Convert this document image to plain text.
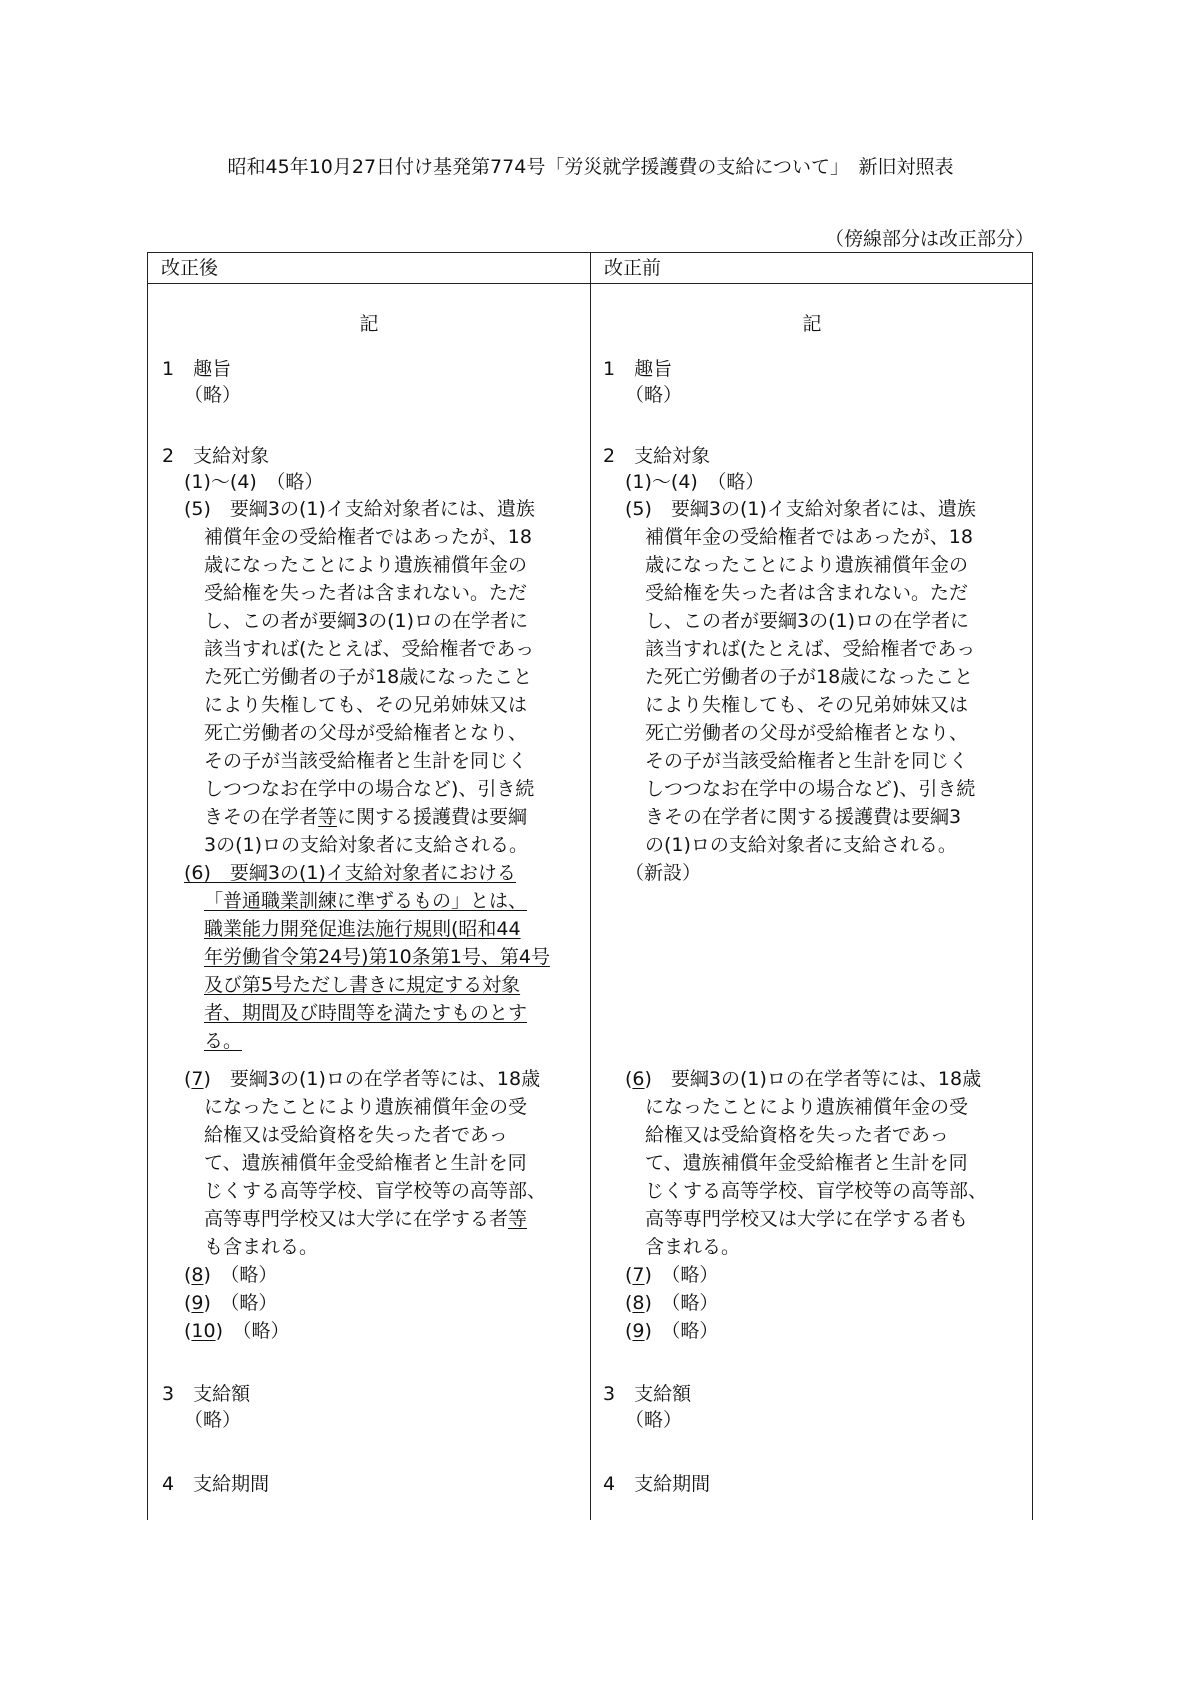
昭和45年10月27日付け基発第774号「労災就学援護費の支給について」　新旧対照表
（傍線部分は改正部分）
改正後
記
1　趣旨
（略）
2　支給対象
(1)～(4)　（略）
(5)　要綱3の(1)イ支給対象者には、遺族
補償年金の受給権者ではあったが、18
歳になったことにより遺族補償年金の
受給権を失った者は含まれない。ただ
し、この者が要綱3の(1)ロの在学者に
該当すれば(たとえば、受給権者であっ
た死亡労働者の子が18歳になったこと
により失権しても、その兄弟姉妹又は
死亡労働者の父母が受給権者となり、
その子が当該受給権者と生計を同じく
しつつなお在学中の場合など)、引き続
きその在学者等に関する援護費は要綱
3の(1)ロの支給対象者に支給される。
(6)　要綱3の(1)イ支給対象者における
「普通職業訓練に準ずるもの」とは、
職業能力開発促進法施行規則(昭和44
年労働省令第24号)第10条第1号、第4号
及び第5号ただし書きに規定する対象
者、期間及び時間等を満たすものとす
る。
(7)　要綱3の(1)ロの在学者等には、18歳
になったことにより遺族補償年金の受
給権又は受給資格を失った者であっ
て、遺族補償年金受給権者と生計を同
じくする高等学校、盲学校等の高等部、
高等専門学校又は大学に在学する者等
も含まれる。
(8)　（略）
(9)　（略）
(10)　（略）
3　支給額
（略）
4　支給期間
改正前
記
1　趣旨
（略）
2　支給対象
(1)～(4)　（略）
(5)　要綱3の(1)イ支給対象者には、遺族
補償年金の受給権者ではあったが、18
歳になったことにより遺族補償年金の
受給権を失った者は含まれない。ただ
し、この者が要綱3の(1)ロの在学者に
該当すれば(たとえば、受給権者であっ
た死亡労働者の子が18歳になったこと
により失権しても、その兄弟姉妹又は
死亡労働者の父母が受給権者となり、
その子が当該受給権者と生計を同じく
しつつなお在学中の場合など)、引き続
きその在学者に関する援護費は要綱3
の(1)ロの支給対象者に支給される。
（新設）
(6)　要綱3の(1)ロの在学者等には、18歳
になったことにより遺族補償年金の受
給権又は受給資格を失った者であっ
て、遺族補償年金受給権者と生計を同
じくする高等学校、盲学校等の高等部、
高等専門学校又は大学に在学する者も
含まれる。
(7)　（略）
(8)　（略）
(9)　（略）
3　支給額
（略）
4　支給期間
